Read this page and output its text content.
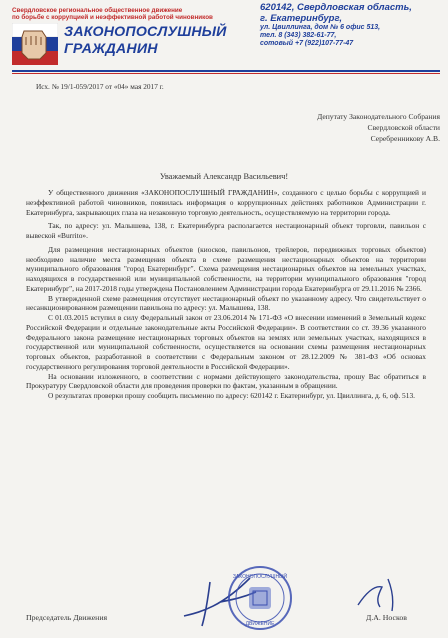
Свердловское региональное общественное движение
по борьбе с коррупцией и неэффективной работой чиновников
ЗАКОНОПОСЛУШНЫЙ
ГРАЖДАНИН
620142, Свердловская область,
г. Екатеринбург,
ул. Цвиллинга, дом № 6 офис 513,
тел. 8 (343) 382-61-77,
сотовый +7 (922)107-77-47
Исх. № 19/1-059/2017 от «04» мая 2017 г.
Депутату Законодательного Собрания
Свердловской области
Серебренникову А.В.
Уважаемый Александр Васильевич!

У общественного движения «ЗАКОНОПОСЛУШНЫЙ ГРАЖДАНИН», созданного с целью борьбы с коррупцией и неэффективной работой чиновников, появилась информация о коррупционных действиях работников Администрации г. Екатеринбурга, закрывающих глаза на незаконную торговую деятельность, осуществляемую на территории города.

Так, по адресу: ул. Малышева, 138, г. Екатеринбурга располагается нестационарный объект торговли, павильон с вывеской «Burrito».

Для размещения нестационарных объектов (киосков, павильонов, трейлеров, передвижных торговых объектов) необходимо наличие места размещения объекта в схеме размещения нестационарных объектов на территории муниципального образования "город Екатеринбург". Схема размещения нестационарных объектов на земельных участках, находящихся в государственной или муниципальной собственности, на территории муниципального образования "город Екатеринбург", на 2017-2018 годы утверждена Постановлением Администрации города Екатеринбурга от 29.11.2016 № 2366.

В утвержденной схеме размещения отсутствует нестационарный объект по указанному адресу. Что свидетельствует о несанкционированном размещении павильона по адресу: ул. Малышева, 138.

С 01.03.2015 вступил в силу Федеральный закон от 23.06.2014 № 171-ФЗ «О внесении изменений в Земельный кодекс Российской Федерации и отдельные законодательные акты Российской Федерации». В соответствии со ст. 39.36 указанного Федерального закона размещение нестационарных торговых объектов на землях или земельных участках, находящихся в государственной или муниципальной собственности, осуществляется на основании схемы размещения нестационарных торговых объектов, разработанной в соответствии с Федеральным законом от 28.12.2009 № 381-ФЗ «Об основах государственного регулирования торговой деятельности в Российской Федерации».

На основании изложенного, в соответствии с нормами действующего законодательства, прошу Вас обратиться в Прокуратуру Свердловской области для проведения проверки по фактам, указанным в обращении.

О результатах проверки прошу сообщить письменно по адресу: 620142 г. Екатеринбург, ул. Цвиллинга, д. 6, оф. 513.

ЗАКОНОПОСЛУШНЫЙ
ДВИЖЕНИЕ
Председатель Движения	Д.А. Носков
